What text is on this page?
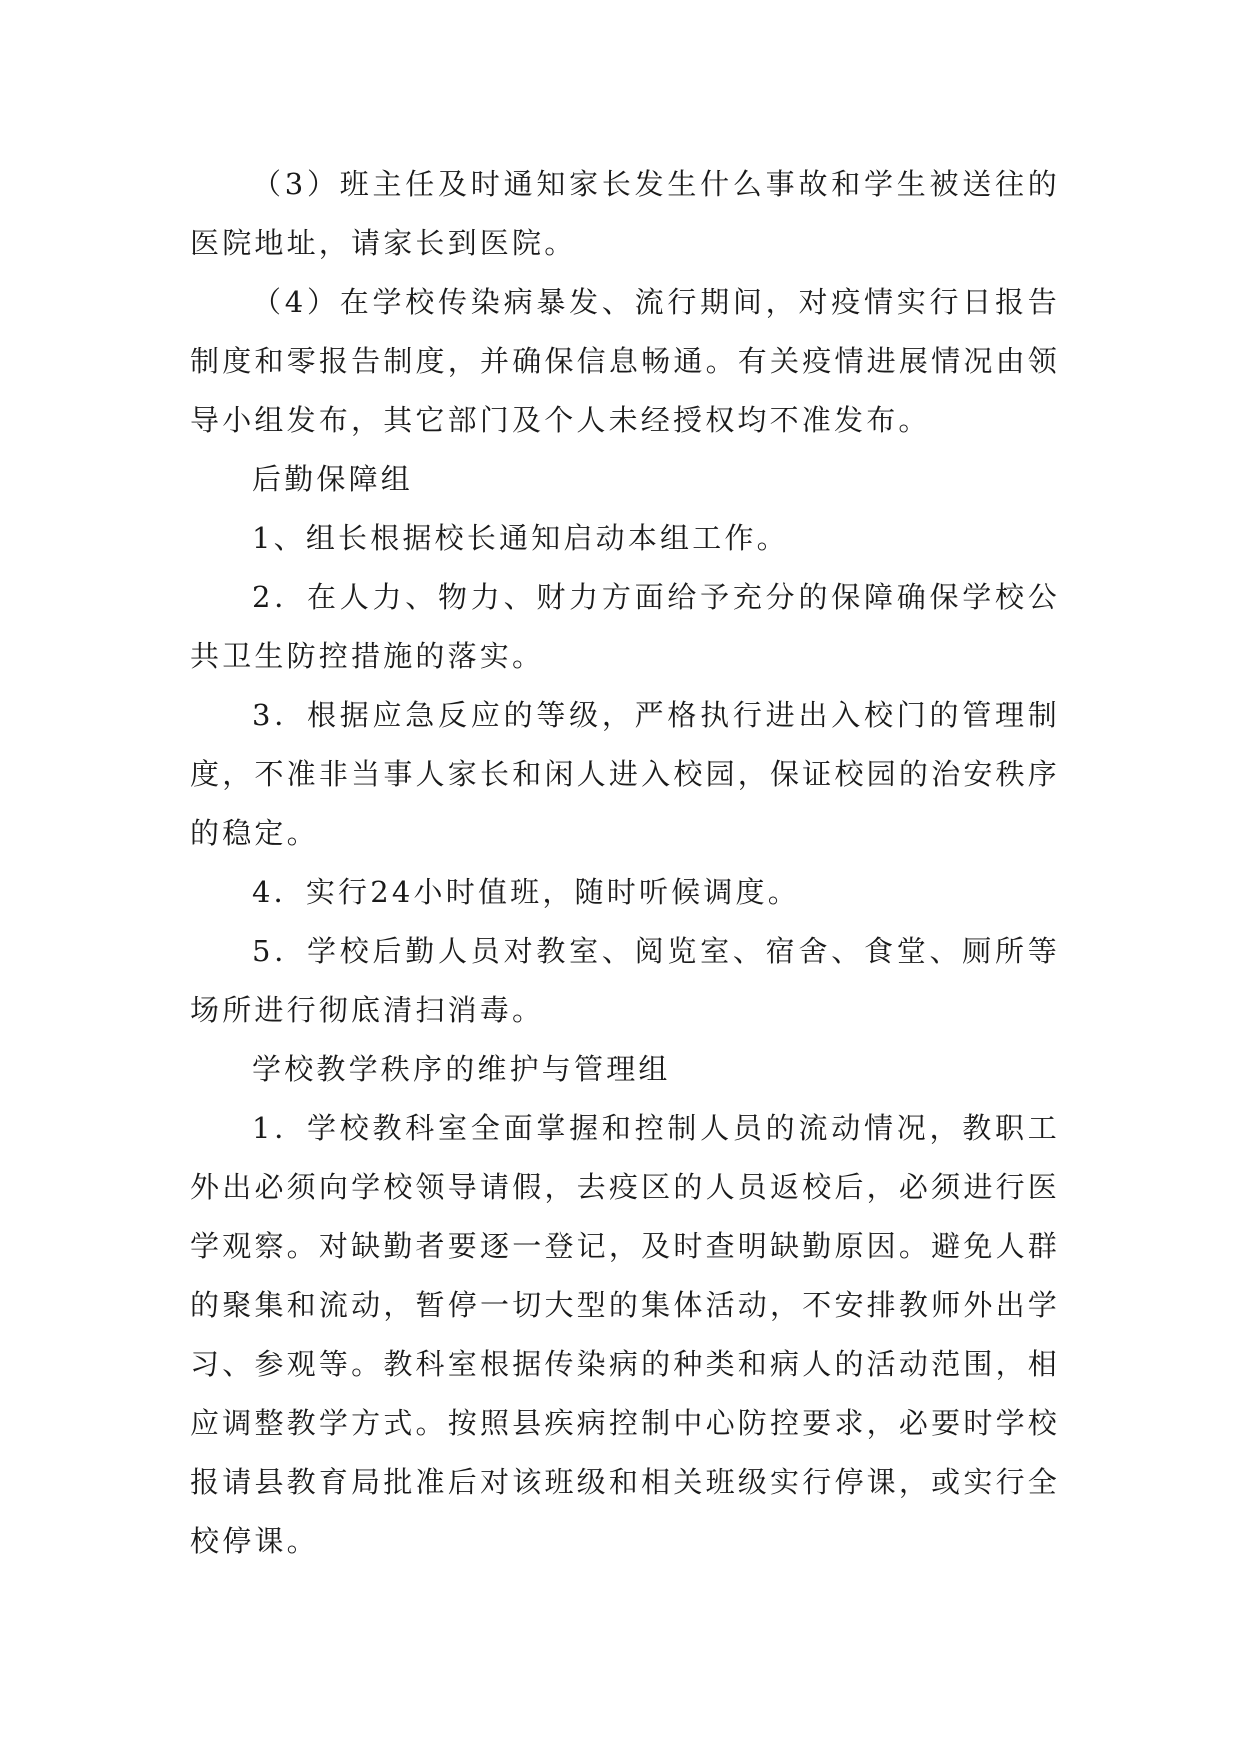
（3）班主任及时通知家长发生什么事故和学生被送往的医院地址，请家长到医院。

（4）在学校传染病暴发、流行期间，对疫情实行日报告制度和零报告制度，并确保信息畅通。有关疫情进展情况由领导小组发布，其它部门及个人未经授权均不准发布。

后勤保障组

1、组长根据校长通知启动本组工作。

2．在人力、物力、财力方面给予充分的保障确保学校公共卫生防控措施的落实。

3．根据应急反应的等级，严格执行进出入校门的管理制度，不准非当事人家长和闲人进入校园，保证校园的治安秩序的稳定。

4．实行24小时值班，随时听候调度。

5．学校后勤人员对教室、阅览室、宿舍、食堂、厕所等场所进行彻底清扫消毒。

学校教学秩序的维护与管理组

1．学校教科室全面掌握和控制人员的流动情况，教职工外出必须向学校领导请假，去疫区的人员返校后，必须进行医学观察。对缺勤者要逐一登记，及时查明缺勤原因。避免人群的聚集和流动，暂停一切大型的集体活动，不安排教师外出学习、参观等。教科室根据传染病的种类和病人的活动范围，相应调整教学方式。按照县疾病控制中心防控要求，必要时学校报请县教育局批准后对该班级和相关班级实行停课，或实行全校停课。
